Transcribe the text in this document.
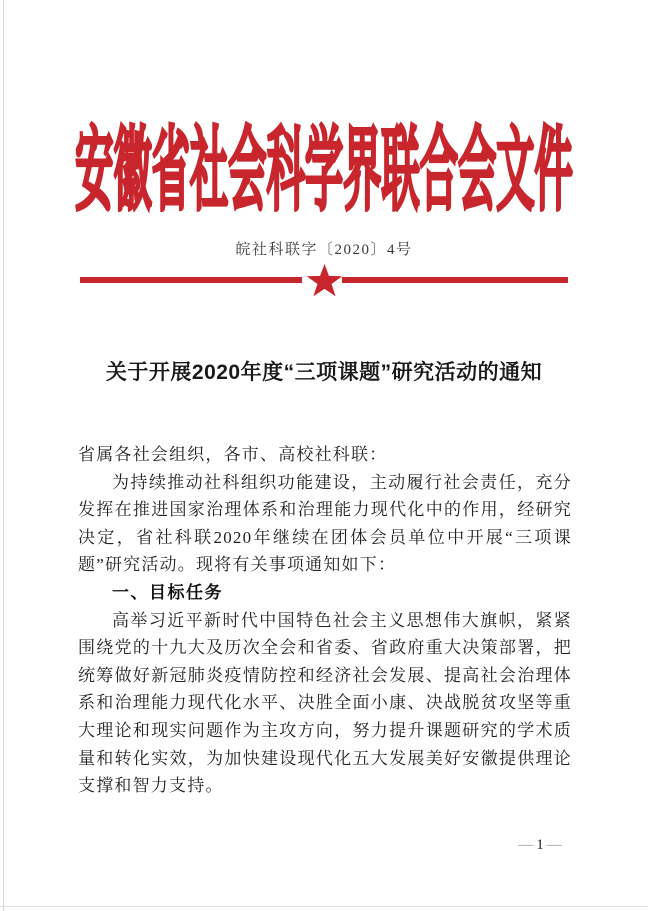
安徽省社会科学界联合会文件
皖社科联字〔2020〕4号
关于开展2020年度“三项课题”研究活动的通知

省属各社会组织，各市、高校社科联：

为持续推动社科组织功能建设，主动履行社会责任，充分发挥在推进国家治理体系和治理能力现代化中的作用，经研究决定，省社科联2020年继续在团体会员单位中开展“三项课题”研究活动。现将有关事项通知如下：

一、目标任务

高举习近平新时代中国特色社会主义思想伟大旗帜，紧紧围绕党的十九大及历次全会和省委、省政府重大决策部署，把统筹做好新冠肺炎疫情防控和经济社会发展、提高社会治理体系和治理能力现代化水平、决胜全面小康、决战脱贫攻坚等重大理论和现实问题作为主攻方向，努力提升课题研究的学术质量和转化实效，为加快建设现代化五大发展美好安徽提供理论支撑和智力支持。

— 1 —
